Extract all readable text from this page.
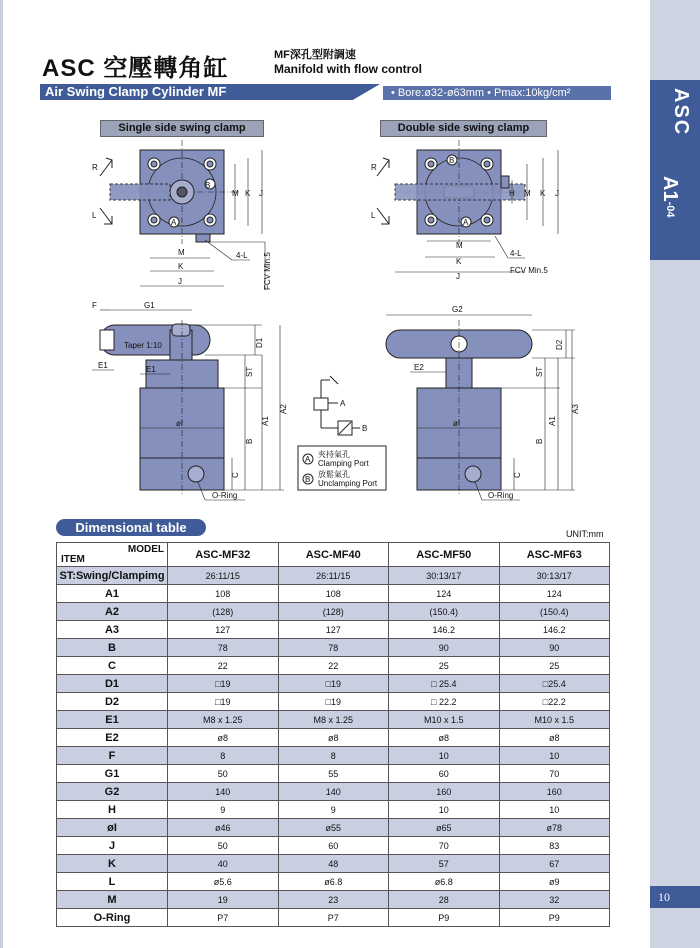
ASC
A1-04
10
ASC 空壓轉角缸	MF深孔型附調速
Manifold with flow control
Air Swing Clamp Cylinder MF	• Bore:ø32-ø63mm • Pmax:10kg/cm²
Single side swing clamp	Double side swing clamp
R
L
B
A
M
K
J
M K J
4-L FCV Min.5
R
L
B
A
M
K
J
H M K J
4-L
FCV Min.5
F	G1
Taper 1:10
E1	E1
øI
D1
ST
A1
A2
B
C
O-Ring
A
B
A
B
夾持氣孔
Clamping Port
放鬆氣孔
Unclamping Port
G2
E2
øI
D2
ST
A1
A3
B
C
O-Ring
Dimensional table	UNIT:mm
MODEL
ITEM	ASC-MF32	ASC-MF40	ASC-MF50	ASC-MF63
ST:Swing/Clampimg	26:11/15	26:11/15	30:13/17	30:13/17
A1	108	108	124	124
A2	(128)	(128)	(150.4)	(150.4)
A3	127	127	146.2	146.2
B	78	78	90	90
C	22	22	25	25
D1	□19	□19	□ 25.4	□25.4
D2	□19	□19	□ 22.2	□22.2
E1	M8 x 1.25	M8 x 1.25	M10 x 1.5	M10 x 1.5
E2	ø8	ø8	ø8	ø8
F	8	8	10	10
G1	50	55	60	70
G2	140	140	160	160
H	9	9	10	10
øI	ø46	ø55	ø65	ø78
J	50	60	70	83
K	40	48	57	67
L	ø5.6	ø6.8	ø6.8	ø9
M	19	23	28	32
O-Ring	P7	P7	P9	P9
